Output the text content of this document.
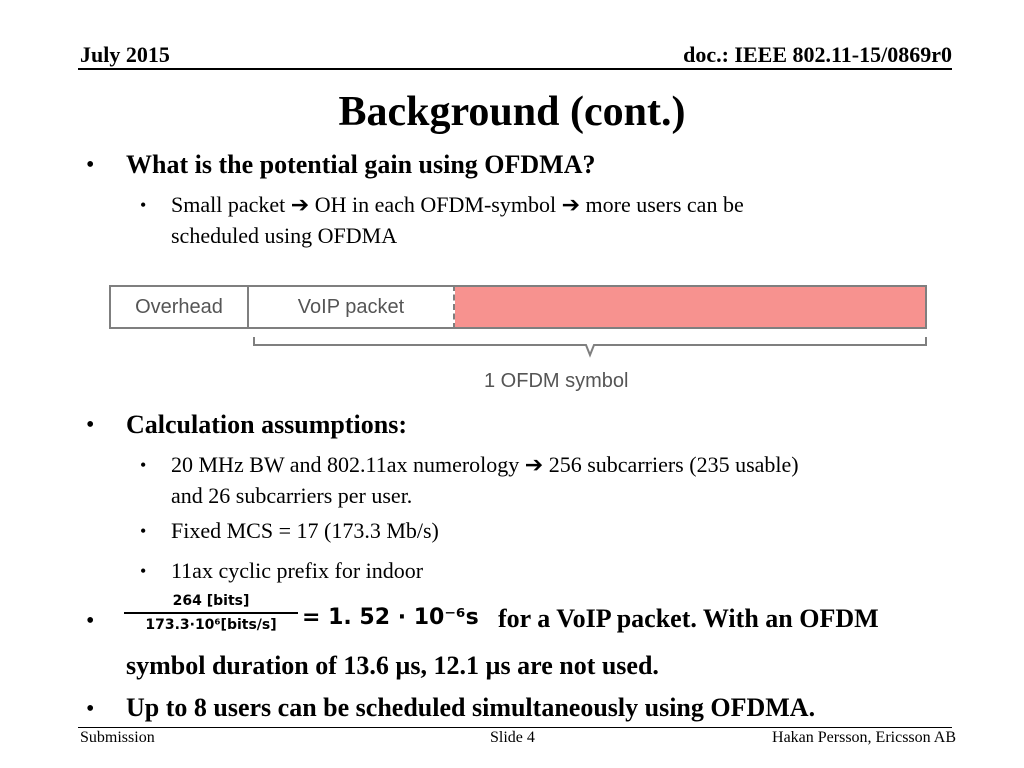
July 2015	doc.: IEEE 802.11-15/0869r0
Background (cont.)
• What is the potential gain using OFDMA?
• Small packet ➔ OH in each OFDM-symbol ➔ more users can be
scheduled using OFDMA
Overhead	VoIP packet
1 OFDM symbol
• Calculation assumptions:
• 20 MHz BW and 802.11ax numerology ➔ 256 subcarriers (235 usable)
and 26 subcarriers per user.
• Fixed MCS = 17 (173.3 Mb/s)
• 11ax cyclic prefix for indoor
•
264 [bits]
173.3·10⁶[bits/s]	= 1. 52 · 10⁻⁶s for a VoIP packet. With an OFDM
symbol duration of 13.6 µs, 12.1 µs are not used.
• Up to 8 users can be scheduled simultaneously using OFDMA.
Submission	Slide 4	Hakan Persson, Ericsson AB
